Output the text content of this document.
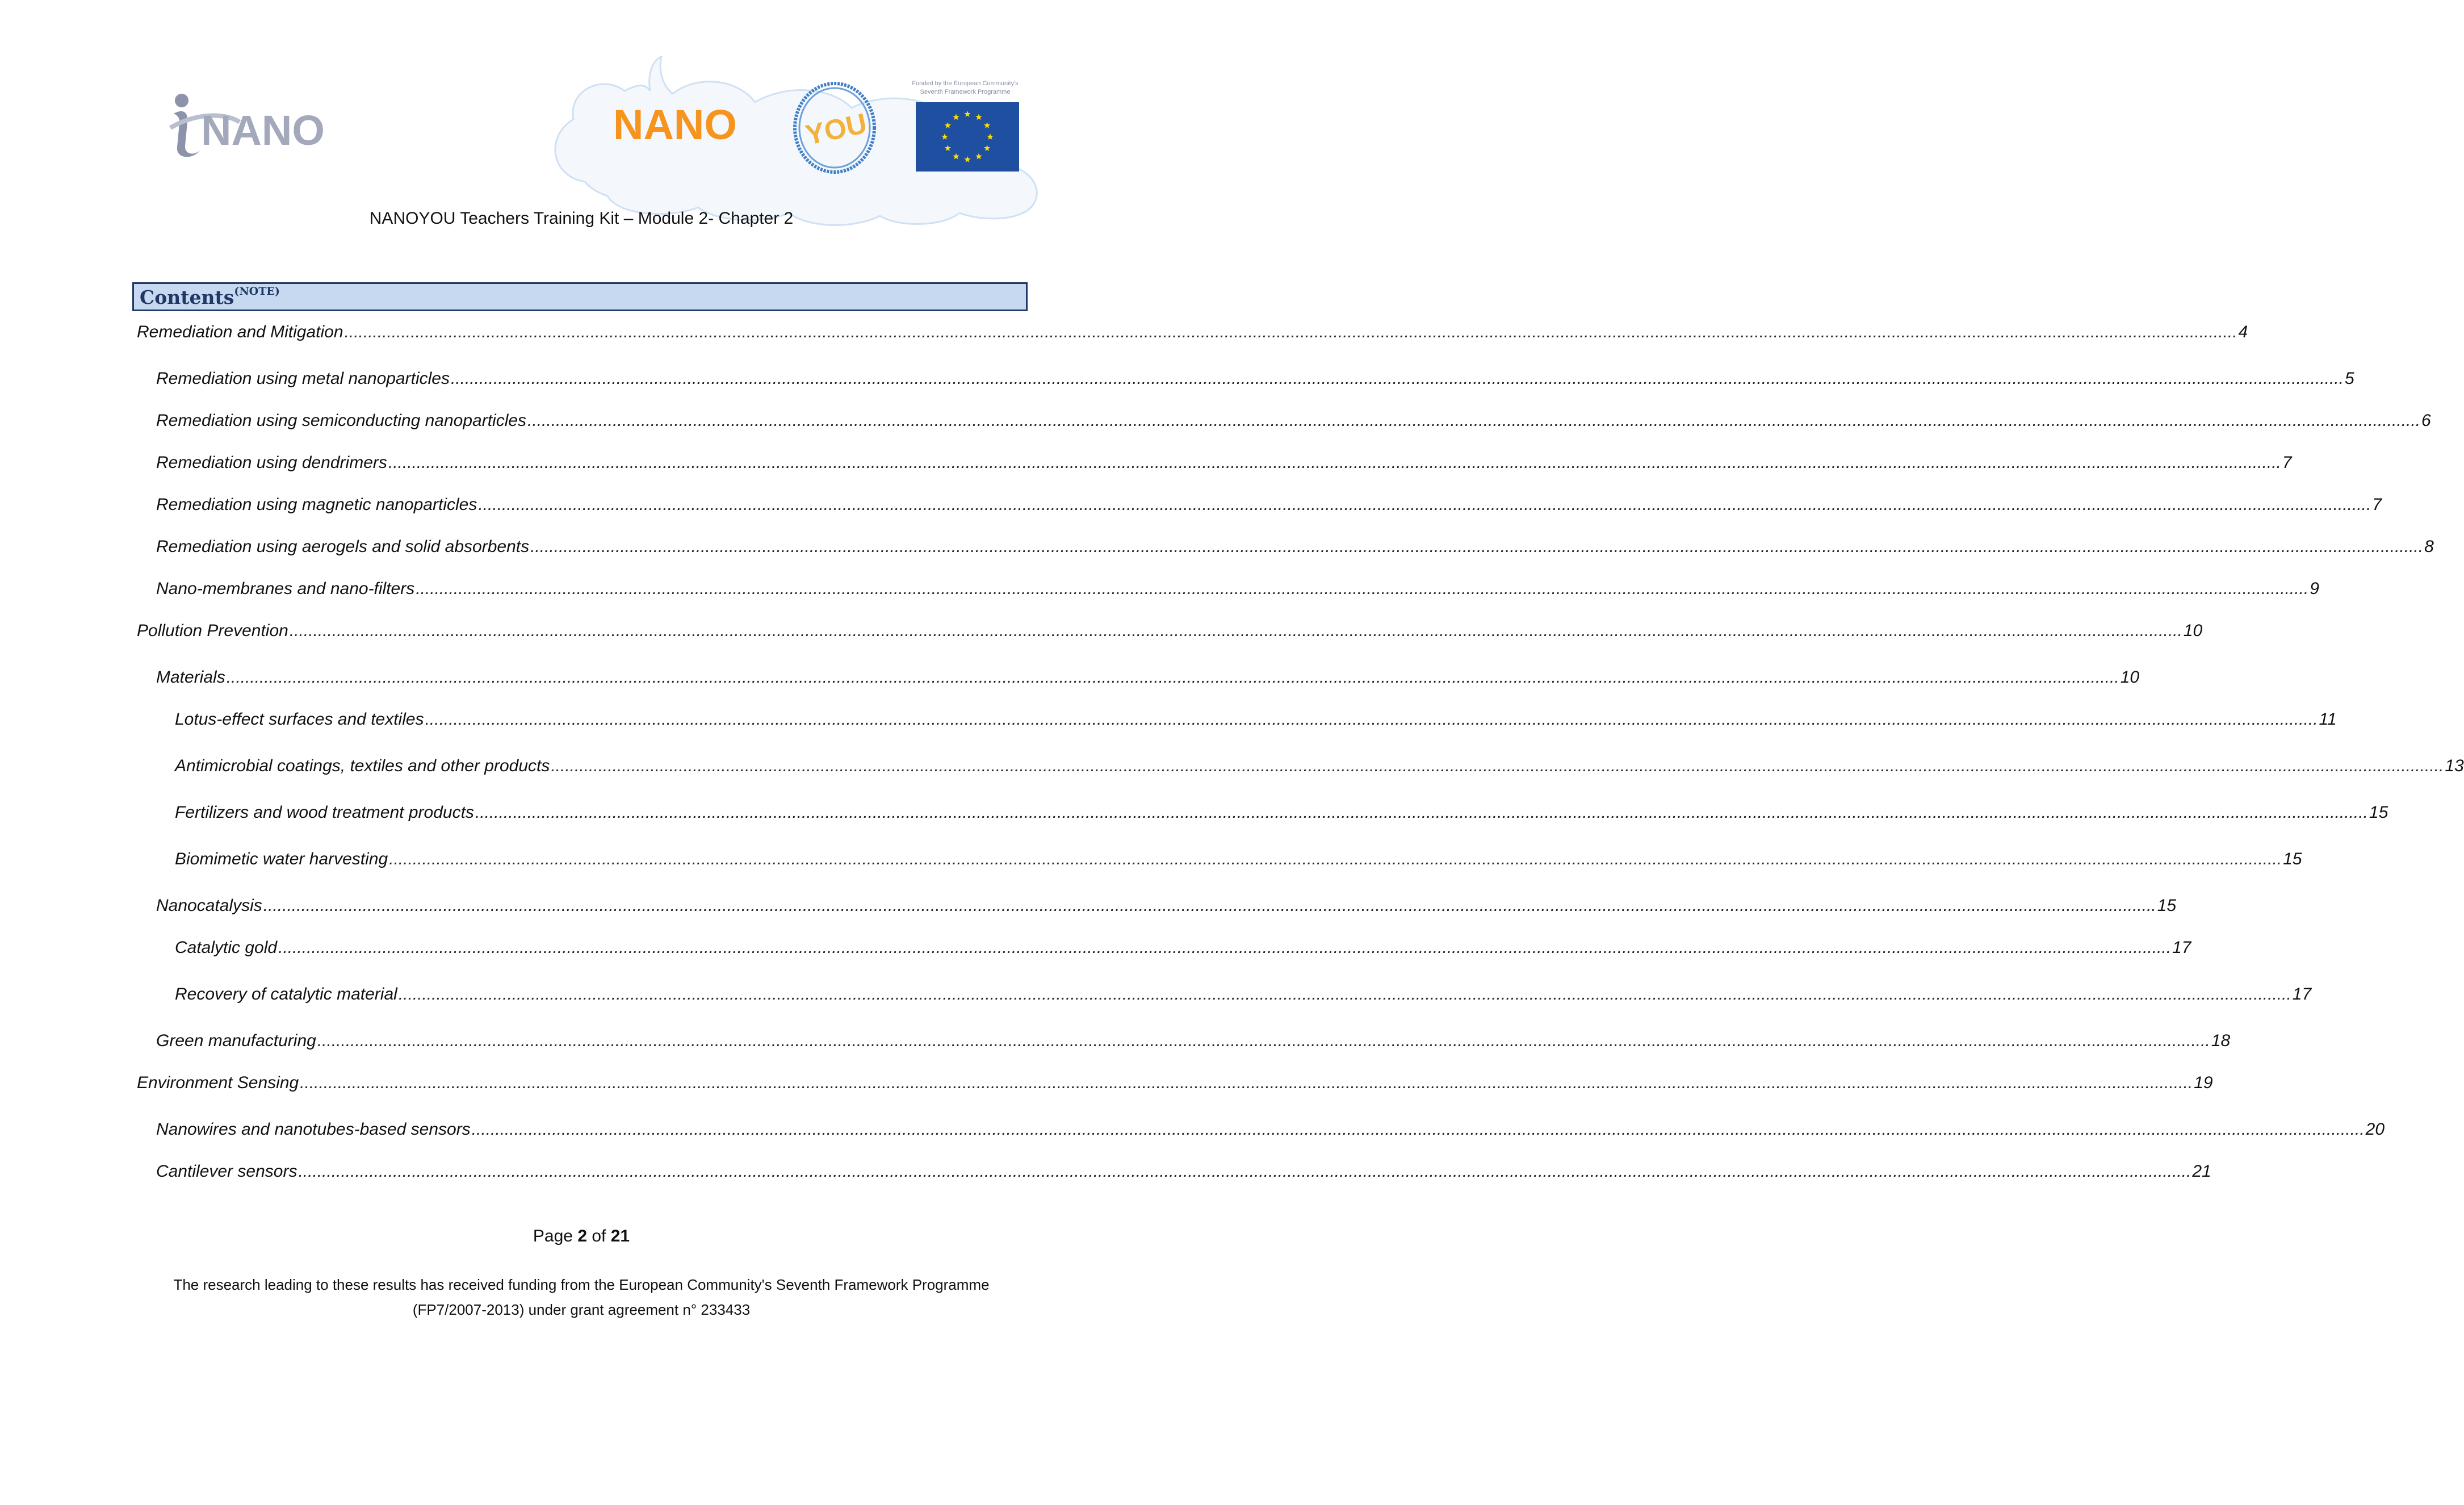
NANO	NANO YOU
Funded by the European Community's
Seventh Framework Programme
NANOYOU Teachers Training Kit – Module 2- Chapter 2
Contents$^{(NOTE)}$
Remediation and Mitigation ................................................................................................................................................................................................................................................................................................................................................................................................................ 4
Remediation using metal nanoparticles ................................................................................................................................................................................................................................................................................................................................................................................................................ 5
Remediation using semiconducting nanoparticles ................................................................................................................................................................................................................................................................................................................................................................................................................ 6
Remediation using dendrimers ................................................................................................................................................................................................................................................................................................................................................................................................................ 7
Remediation using magnetic nanoparticles ................................................................................................................................................................................................................................................................................................................................................................................................................ 7
Remediation using aerogels and solid absorbents ................................................................................................................................................................................................................................................................................................................................................................................................................ 8
Nano-membranes and nano-filters ................................................................................................................................................................................................................................................................................................................................................................................................................ 9
Pollution Prevention ................................................................................................................................................................................................................................................................................................................................................................................................................ 10
Materials ................................................................................................................................................................................................................................................................................................................................................................................................................ 10
Lotus-effect surfaces and textiles ................................................................................................................................................................................................................................................................................................................................................................................................................ 11
Antimicrobial coatings, textiles and other products ................................................................................................................................................................................................................................................................................................................................................................................................................ 13
Fertilizers and wood treatment products ................................................................................................................................................................................................................................................................................................................................................................................................................ 15
Biomimetic water harvesting ................................................................................................................................................................................................................................................................................................................................................................................................................ 15
Nanocatalysis ................................................................................................................................................................................................................................................................................................................................................................................................................ 15
Catalytic gold ................................................................................................................................................................................................................................................................................................................................................................................................................ 17
Recovery of catalytic material ................................................................................................................................................................................................................................................................................................................................................................................................................ 17
Green manufacturing ................................................................................................................................................................................................................................................................................................................................................................................................................ 18
Environment Sensing ................................................................................................................................................................................................................................................................................................................................................................................................................ 19
Nanowires and nanotubes-based sensors ................................................................................................................................................................................................................................................................................................................................................................................................................ 20
Cantilever sensors ................................................................................................................................................................................................................................................................................................................................................................................................................ 21
Page 2 of 21
The research leading to these results has received funding from the European Community's Seventh Framework Programme
(FP7/2007-2013) under grant agreement n° 233433
